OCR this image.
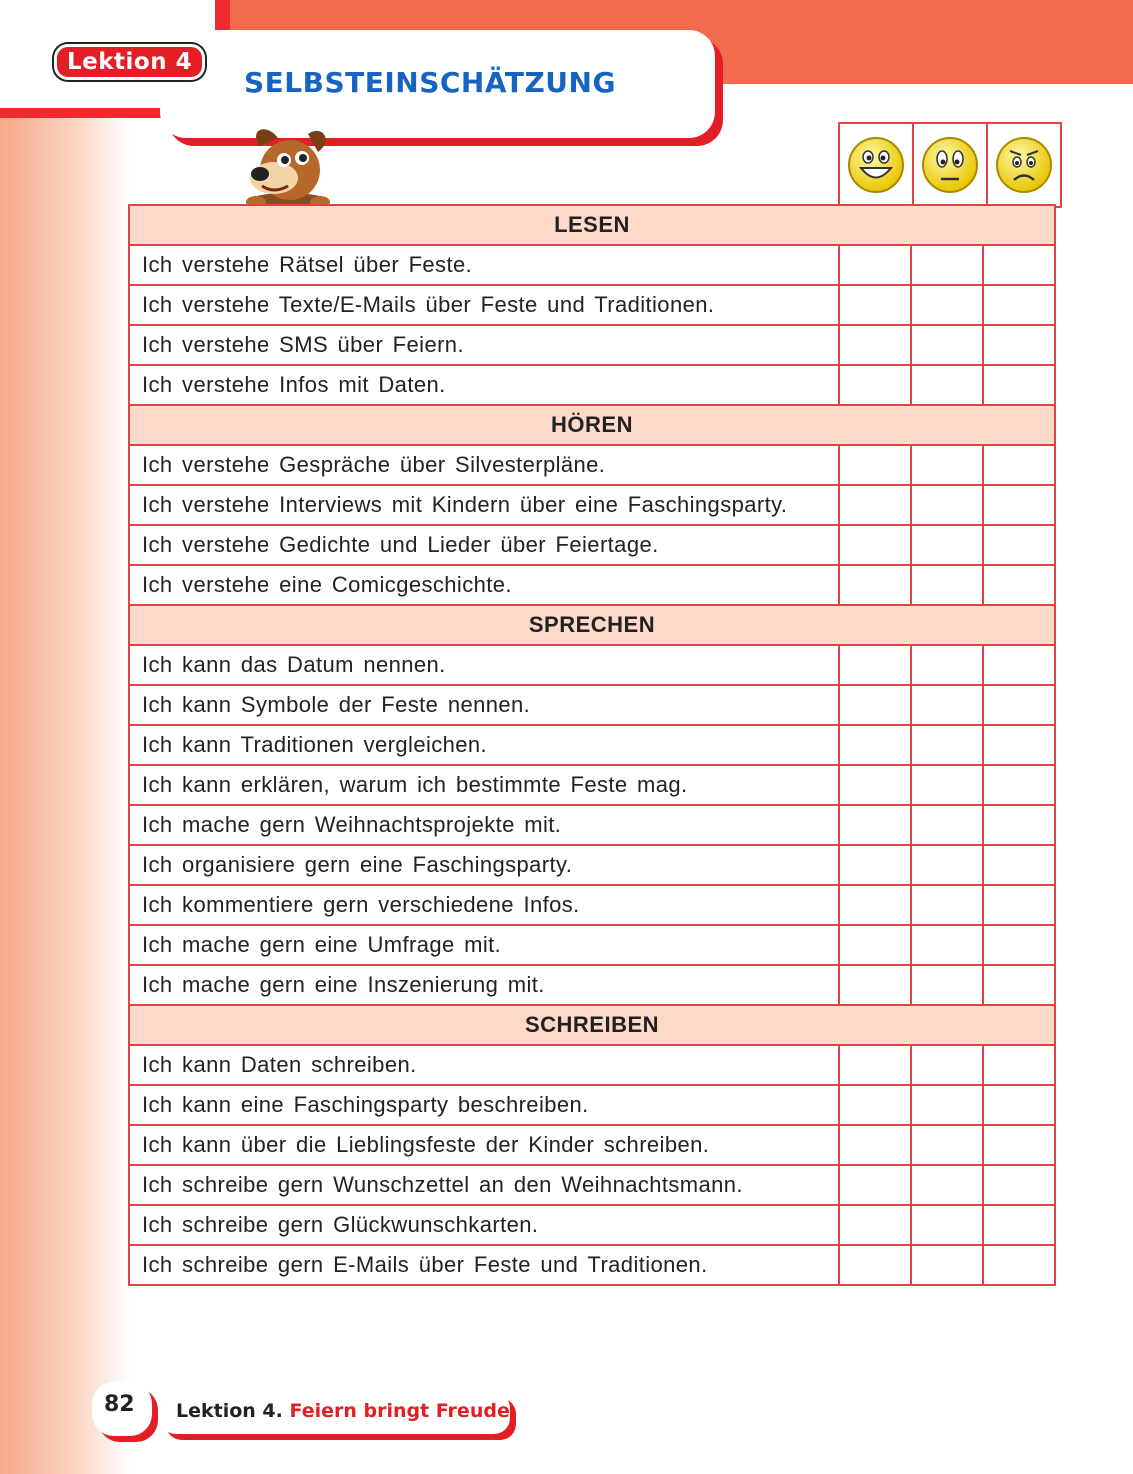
Lektion 4
SELBSTEINSCHÄTZUNG
LESEN			
Ich verstehe Rätsel über Feste.			
Ich verstehe Texte/E-Mails über Feste und Traditionen.			
Ich verstehe SMS über Feiern.			
Ich verstehe Infos mit Daten.			
HÖREN			
Ich verstehe Gespräche über Silvesterpläne.			
Ich verstehe Interviews mit Kindern über eine Faschingsparty.			
Ich verstehe Gedichte und Lieder über Feiertage.			
Ich verstehe eine Comicgeschichte.			
SPRECHEN			
Ich kann das Datum nennen.			
Ich kann Symbole der Feste nennen.			
Ich kann Traditionen vergleichen.			
Ich kann erklären, warum ich bestimmte Feste mag.			
Ich mache gern Weihnachtsprojekte mit.			
Ich organisiere gern eine Faschingsparty.			
Ich kommentiere gern verschiedene Infos.			
Ich mache gern eine Umfrage mit.			
Ich mache gern eine Inszenierung mit.			
SCHREIBEN			
Ich kann Daten schreiben.			
Ich kann eine Faschingsparty beschreiben.			
Ich kann über die Lieblingsfeste der Kinder schreiben.			
Ich schreibe gern Wunschzettel an den Weihnachtsmann.			
Ich schreibe gern Glückwunschkarten.			
Ich schreibe gern E-Mails über Feste und Traditionen.			
82 Lektion 4. Feiern bringt Freude
